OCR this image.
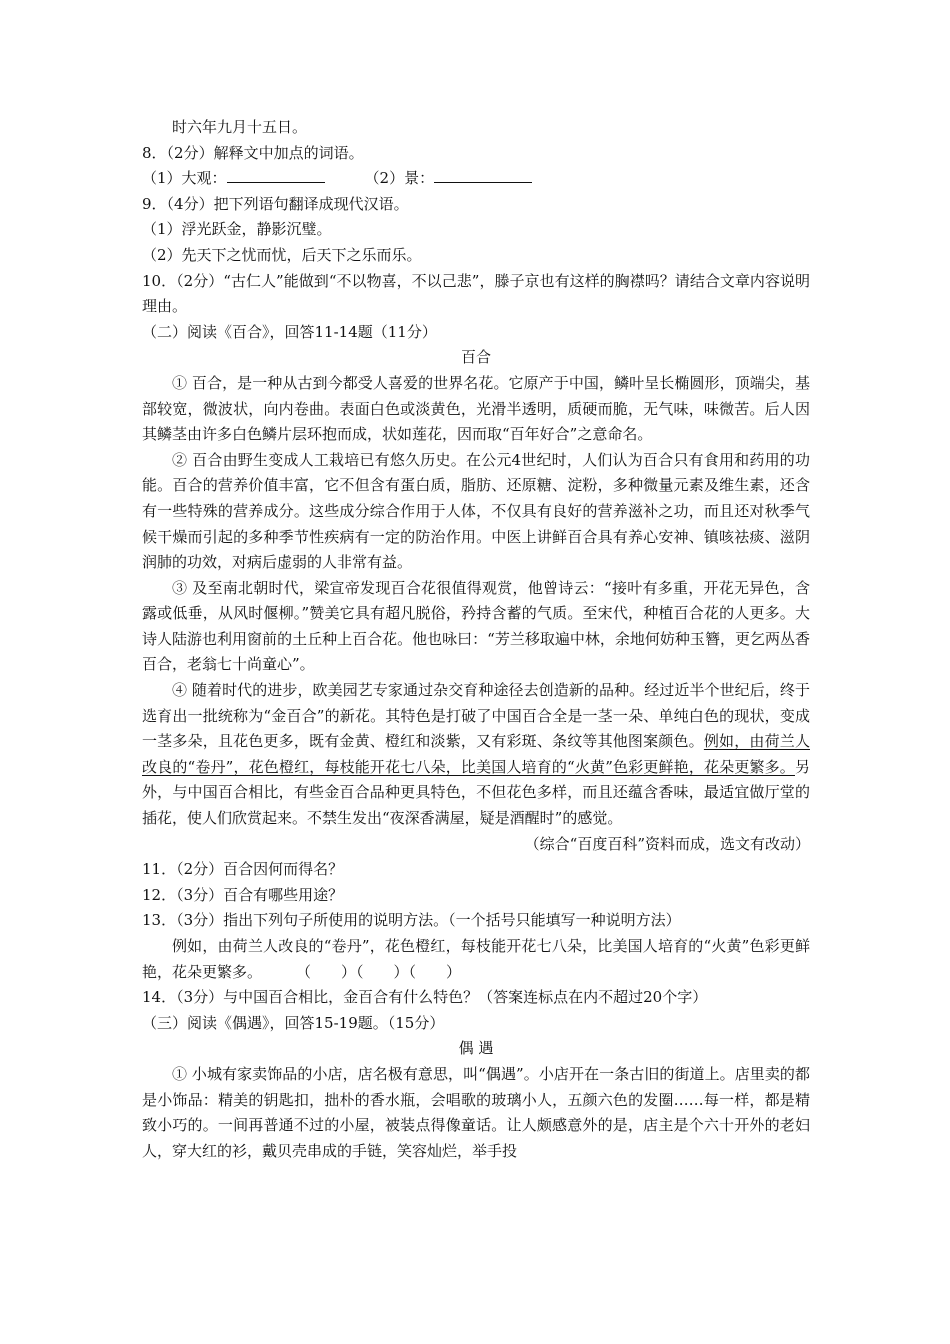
时六年九月十五日。
8．（2分）解释文中加点的词语。
（1）大观：	（2）景：
9．（4分）把下列语句翻译成现代汉语。
（1）浮光跃金，静影沉璧。
（2）先天下之忧而忧，后天下之乐而乐。
10．（2分）“古仁人”能做到“不以物喜，不以己悲”，滕子京也有这样的胸襟吗？请结合文章内容说明理由。
（二）阅读《百合》，回答11-14题（11分）
百合
① 百合，是一种从古到今都受人喜爱的世界名花。它原产于中国，鳞叶呈长椭圆形，顶端尖，基部较宽，微波状，向内卷曲。表面白色或淡黄色，光滑半透明，质硬而脆，无气味，味微苦。后人因其鳞茎由许多白色鳞片层环抱而成，状如莲花，因而取“百年好合”之意命名。
② 百合由野生变成人工栽培已有悠久历史。在公元4世纪时，人们认为百合只有食用和药用的功能。百合的营养价值丰富，它不但含有蛋白质，脂肪、还原糖、淀粉，多种微量元素及维生素，还含有一些特殊的营养成分。这些成分综合作用于人体，不仅具有良好的营养滋补之功，而且还对秋季气候干燥而引起的多种季节性疾病有一定的防治作用。中医上讲鲜百合具有养心安神、镇咳祛痰、滋阴润肺的功效，对病后虚弱的人非常有益。
③ 及至南北朝时代，梁宣帝发现百合花很值得观赏，他曾诗云：“接叶有多重，开花无异色，含露或低垂，从风时偃柳。”赞美它具有超凡脱俗，矜持含蓄的气质。至宋代，种植百合花的人更多。大诗人陆游也利用窗前的土丘种上百合花。他也咏曰：“芳兰移取遍中林，余地何妨种玉簪，更乞两丛香百合，老翁七十尚童心”。
④ 随着时代的进步，欧美园艺专家通过杂交育种途径去创造新的品种。经过近半个世纪后，终于选育出一批统称为“金百合”的新花。其特色是打破了中国百合全是一茎一朵、单纯白色的现状，变成一茎多朵，且花色更多，既有金黄、橙红和淡紫，又有彩斑、条纹等其他图案颜色。例如，由荷兰人改良的“卷丹”，花色橙红，每枝能开花七八朵，比美国人培育的“火黄”色彩更鲜艳，花朵更繁多。另外，与中国百合相比，有些金百合品种更具特色，不但花色多样，而且还蕴含香味，最适宜做厅堂的插花，使人们欣赏起来。不禁生发出“夜深香满屋，疑是酒醒时”的感觉。
（综合“百度百科”资料而成，选文有改动）
11．（2分）百合因何而得名？
12．（3分）百合有哪些用途？
13．（3分）指出下列句子所使用的说明方法。（一个括号只能填写一种说明方法）
例如，由荷兰人改良的“卷丹”，花色橙红，每枝能开花七八朵，比美国人培育的“火黄”色彩更鲜艳，花朵更繁多。 （　　）（　　）（　　）
14．（3分）与中国百合相比，金百合有什么特色？（答案连标点在内不超过20个字）
（三）阅读《偶遇》，回答15-19题。（15分）
偶 遇
① 小城有家卖饰品的小店，店名极有意思，叫“偶遇”。小店开在一条古旧的街道上。店里卖的都是小饰品：精美的钥匙扣，拙朴的香水瓶，会唱歌的玻璃小人，五颜六色的发圈……每一样，都是精致小巧的。一间再普通不过的小屋，被装点得像童话。让人颇感意外的是，店主是个六十开外的老妇人，穿大红的衫，戴贝壳串成的手链，笑容灿烂，举手投
